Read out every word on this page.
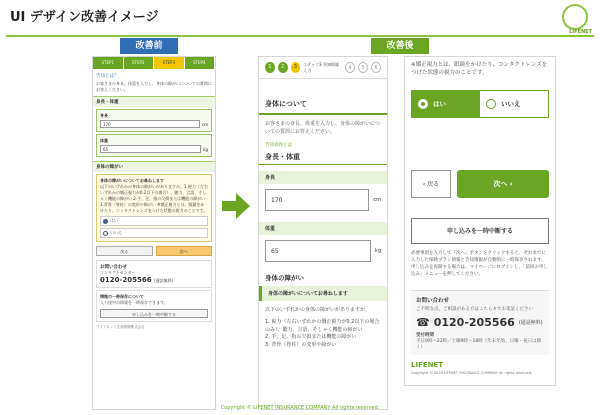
UI デザイン改善イメージ
LIFENET
改善前	改善後
STEP1	STEP2	STEP3	STEP4
告知とは？
お客さまの身長、体重を入力し、身体の障がいについての質問にお答えください。
身長・体重
身長
170	cm
体重
65	kg
身体の障がい
身体の障がいについてお尋ねします
以下のいずれかの身体の障がいがありますか。1.視力（左右いずれかの矯正視力が0.2以下の場合）、聴力、言語、そしゃく機能の障がい 2.手、足、指の欠損または機能の障がい 3.背骨（脊柱）の変形や障がい ※矯正視力とは、眼鏡をかけたり、コンタクトレンズをつけた状態の視力のことです。
はい
いいえ
戻る	次へ
お問い合わせ
コンタクトセンター
0120-205566 (通話無料)
情報の一時保存について
入力途中の情報を一時保存できます。
申し込みを一時中断する
ライフネット生命保険株式会社
1	2	3	ステップ3 告知情報入力	4	5	6
身体について
お客さまの身長、体重を入力し、身体の障がいについての質問にお答えください。
告知義務とは
身長・体重
身長
170	cm
体重
65	kg
身体の障がい
身体の障がいについてお尋ねします
以下のいずれかの身体の障がいがありますか。
1. 視力（左右いずれかの矯正視力が0.2以下の場合のみ）、聴力、言語、そしゃく機能の障がい
2. 手、足、指の欠損または機能の障がい
3. 背骨（脊柱）の変形や障がい
※矯正視力とは、眼鏡をかけたり、コンタクトレンズをつけた状態の視力のことです。
はい	いいえ
‹ 戻る	次へ ›
申し込みを一時中断する
必要事項を入力して「次へ」ボタンをクリックすると、それまでに入力した保険プラン情報と告知情報が自動的に一時保存されます。申し込みを再開する場合は、マイページにログインし、「前回お申し込み」メニューを押してください。
お問い合わせ
ご不明な点、ご相談がある方はこちらまでお電話ください
☎ 0120-205566 (通話無料)
受付時間
平日9時〜22時／土曜9時〜18時（年末年始、日曜・祝日は除く）
LIFENET
Copyright © 2018 LIFENET INSURANCE COMPANY All rights reserved.
Copyright © LIFENET INSURANCE COMPANY All rights reserved.
